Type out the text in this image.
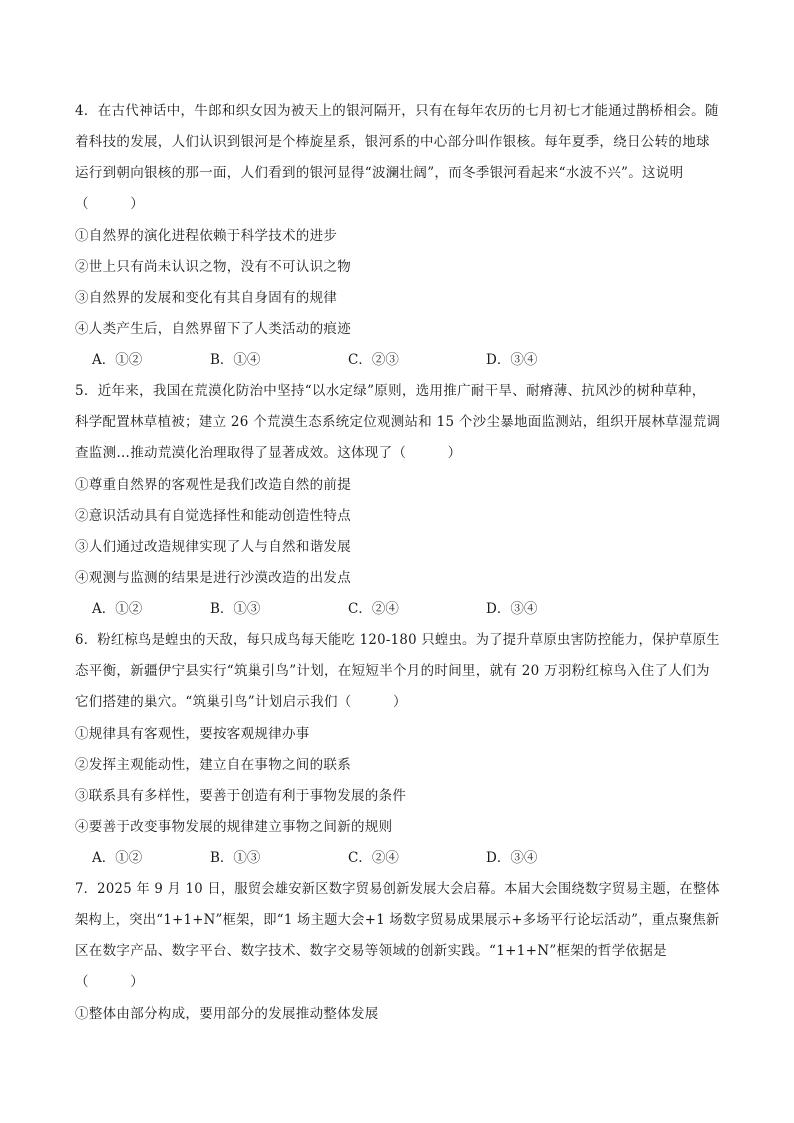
4．在古代神话中，牛郎和织女因为被天上的银河隔开，只有在每年农历的七月初七才能通过鹊桥相会。随
着科技的发展，人们认识到银河是个棒旋星系，银河系的中心部分叫作银核。每年夏季，绕日公转的地球
运行到朝向银核的那一面，人们看到的银河显得“波澜壮阔”，而冬季银河看起来“水波不兴”。这说明
（　　　）
①自然界的演化进程依赖于科学技术的进步
②世上只有尚未认识之物，没有不可认识之物
③自然界的发展和变化有其自身固有的规律
④人类产生后，自然界留下了人类活动的痕迹
A．①②	B．①④	C．②③	D．③④
5．近年来，我国在荒漠化防治中坚持“以水定绿”原则，选用推广耐干旱、耐瘠薄、抗风沙的树种草种，
科学配置林草植被；建立 26 个荒漠生态系统定位观测站和 15 个沙尘暴地面监测站，组织开展林草湿荒调
查监测…推动荒漠化治理取得了显著成效。这体现了（　　　）
①尊重自然界的客观性是我们改造自然的前提
②意识活动具有自觉选择性和能动创造性特点
③人们通过改造规律实现了人与自然和谐发展
④观测与监测的结果是进行沙漠改造的出发点
A．①②	B．①③	C．②④	D．③④
6．粉红椋鸟是蝗虫的天敌，每只成鸟每天能吃 120-180 只蝗虫。为了提升草原虫害防控能力，保护草原生
态平衡，新疆伊宁县实行“筑巢引鸟”计划，在短短半个月的时间里，就有 20 万羽粉红椋鸟入住了人们为
它们搭建的巢穴。“筑巢引鸟”计划启示我们（　　　）
①规律具有客观性，要按客观规律办事
②发挥主观能动性，建立自在事物之间的联系
③联系具有多样性，要善于创造有利于事物发展的条件
④要善于改变事物发展的规律建立事物之间新的规则
A．①②	B．①③	C．②④	D．③④
7．2025 年 9 月 10 日，服贸会雄安新区数字贸易创新发展大会启幕。本届大会围绕数字贸易主题，在整体
架构上，突出“1+1+N”框架，即“1 场主题大会+1 场数字贸易成果展示+多场平行论坛活动”，重点聚焦新
区在数字产品、数字平台、数字技术、数字交易等领域的创新实践。“1+1+N”框架的哲学依据是
（　　　）
①整体由部分构成，要用部分的发展推动整体发展
